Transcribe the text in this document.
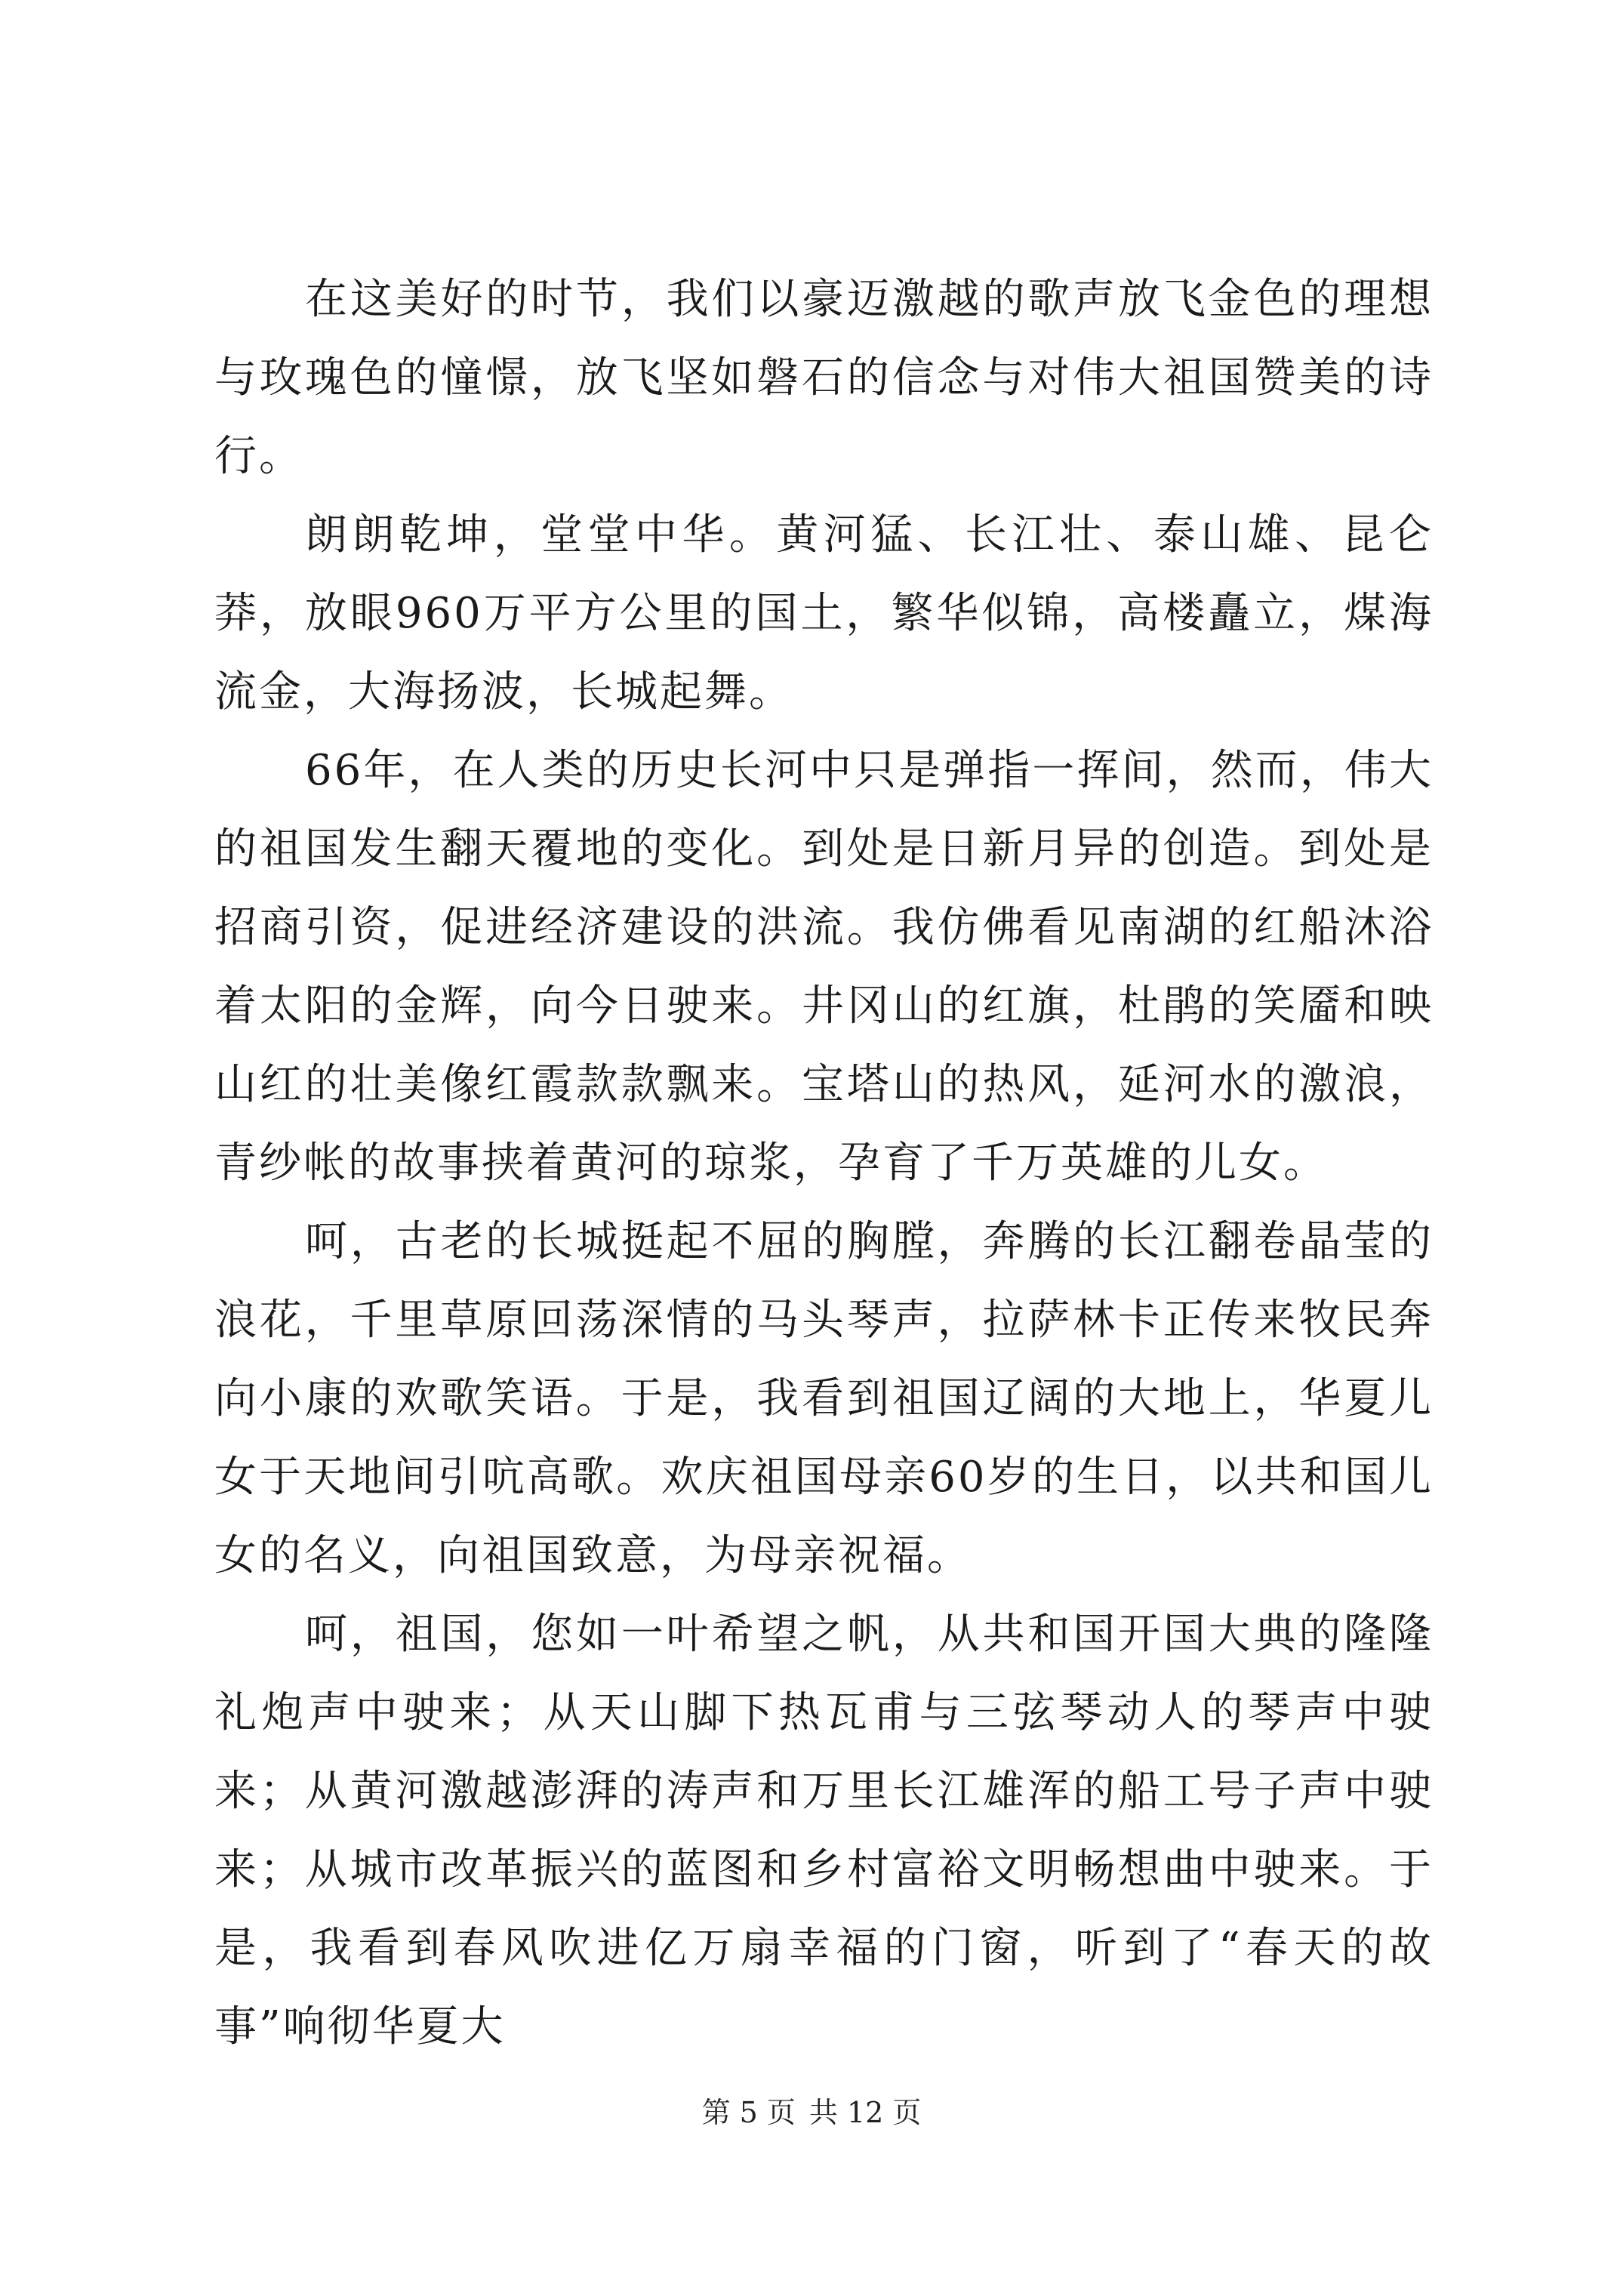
在这美好的时节，我们以豪迈激越的歌声放飞金色的理想与玫瑰色的憧憬，放飞坚如磐石的信念与对伟大祖国赞美的诗行。

朗朗乾坤，堂堂中华。黄河猛、长江壮、泰山雄、昆仑莽，放眼960万平方公里的国土，繁华似锦，高楼矗立，煤海流金，大海扬波，长城起舞。

66年，在人类的历史长河中只是弹指一挥间，然而，伟大的祖国发生翻天覆地的变化。到处是日新月异的创造。到处是招商引资，促进经济建设的洪流。我仿佛看见南湖的红船沐浴着太阳的金辉，向今日驶来。井冈山的红旗，杜鹃的笑靥和映山红的壮美像红霞款款飘来。宝塔山的热风，延河水的激浪，青纱帐的故事挟着黄河的琼浆，孕育了千万英雄的儿女。

呵，古老的长城挺起不屈的胸膛，奔腾的长江翻卷晶莹的浪花，千里草原回荡深情的马头琴声，拉萨林卡正传来牧民奔向小康的欢歌笑语。于是，我看到祖国辽阔的大地上，华夏儿女于天地间引吭高歌。欢庆祖国母亲60岁的生日，以共和国儿女的名义，向祖国致意，为母亲祝福。

呵，祖国，您如一叶希望之帆，从共和国开国大典的隆隆礼炮声中驶来；从天山脚下热瓦甫与三弦琴动人的琴声中驶来；从黄河激越澎湃的涛声和万里长江雄浑的船工号子声中驶来；从城市改革振兴的蓝图和乡村富裕文明畅想曲中驶来。于是，我看到春风吹进亿万扇幸福的门窗，听到了“春天的故事”响彻华夏大

第 5 页 共 12 页
